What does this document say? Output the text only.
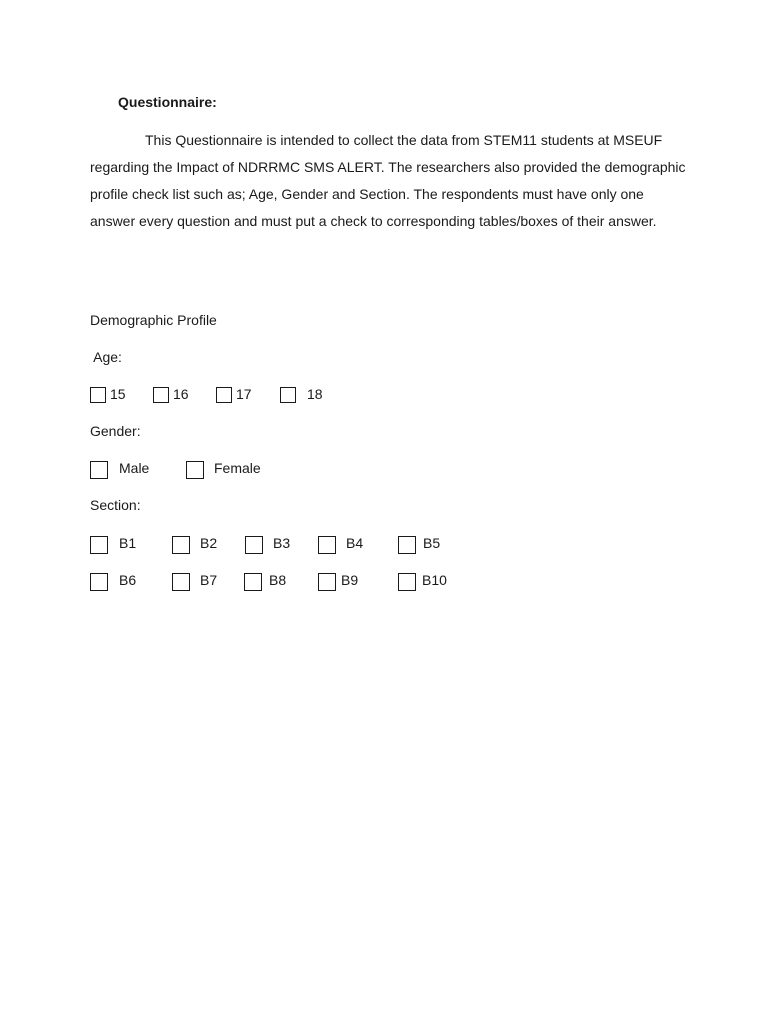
Questionnaire:

This Questionnaire is intended to collect the data from STEM11 students at MSEUF regarding the Impact of NDRRMC SMS ALERT. The researchers also provided the demographic profile check list such as; Age, Gender and Section. The respondents must have only one answer every question and must put a check to corresponding tables/boxes of their answer.

Demographic Profile
Age:
15	16	17	18
Gender:
Male	Female
Section:
B1	B2	B3	B4	B5
B6	B7	B8	B9	B10
